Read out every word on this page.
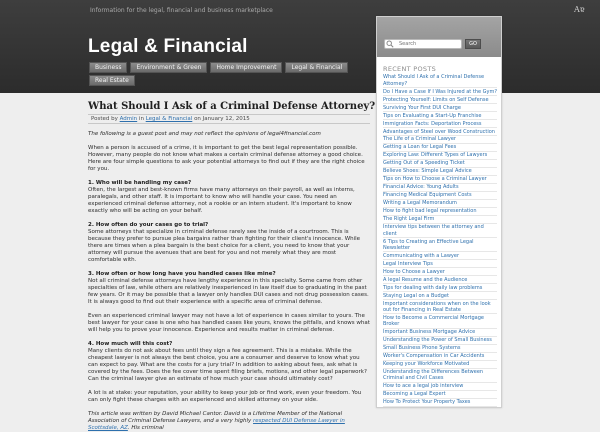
Information for the legal, financial and business marketplace	Aɐ
Legal & Financial
Business	Environment & Green	Home Improvement	Legal & Financial
Real Estate
Search
GO
RECENT POSTS
What Should I Ask of a Criminal Defense Attorney?
Do I Have a Case If I Was Injured at the Gym?
Protecting Yourself: Limits on Self Defense
Surviving Your First DUI Charge
Tips on Evaluating a Start-Up Franchise
Immigration Facts: Deportation Process
Advantages of Steel over Wood Construction
The Life of a Criminal Lawyer
Getting a Loan for Legal Fees
Exploring Law: Different Types of Lawyers
Getting Out of a Speeding Ticket
Believe Shoes: Simple Legal Advice
Tips on How to Choose a Criminal Lawyer
Financial Advice: Young Adults
Financing Medical Equipment Costs
Writing a Legal Memorandum
How to fight bad legal representation
The Right Legal Firm
Interview tips between the attorney and client
6 Tips to Creating an Effective Legal Newsletter
Communicating with a Lawyer
Legal Interview Tips
How to Choose a Lawyer
A legal Resume and the Audience
Tips for dealing with daily law problems
Staying Legal on a Budget
Important considerations when on the look out for Financing in Real Estate
How to Become a Commercial Mortgage Broker
Important Business Mortgage Advice
Understanding the Power of Small Business
Small Business Phone Systems
Worker's Compensation in Car Accidents
Keeping your Workforce Motivated
Understanding the Differences Between Criminal and Civil Cases
How to ace a legal job interview
Becoming a Legal Expert
How To Protect Your Property Taxes
What Should I Ask of a Criminal Defense Attorney?
Posted by Admin in Legal & Financial on January 12, 2015

The following is a guest post and may not reflect the opinions of legal4financial.com

When a person is accused of a crime, it is important to get the best legal representation possible. However, many people do not know what makes a certain criminal defense attorney a good choice. Here are four simple questions to ask your potential attorneys to find out if they are the right choice for you.

1. Who will be handling my case?
Often, the largest and best-known firms have many attorneys on their payroll, as well as interns, paralegals, and other staff. It is important to know who will handle your case. You need an experienced criminal defense attorney, not a rookie or an intern student. It's important to know exactly who will be acting on your behalf.

2. How often do your cases go to trial?
Some attorneys that specialize in criminal defense rarely see the inside of a courtroom. This is because they prefer to pursue plea bargains rather than fighting for their client's innocence. While there are times when a plea bargain is the best choice for a client, you need to know that your attorney will pursue the avenues that are best for you and not merely what they are most comfortable with.

3. How often or how long have you handled cases like mine?
Not all criminal defense attorneys have lengthy experience in this specialty. Some came from other specialties of law, while others are relatively inexperienced in law itself due to graduating in the past few years. Or it may be possible that a lawyer only handles DUI cases and not drug possession cases. It is always good to find out their experience with a specific area of criminal defense.

Even an experienced criminal lawyer may not have a lot of experience in cases similar to yours. The best lawyer for your case is one who has handled cases like yours, knows the pitfalls, and knows what will help you to prove your innocence. Experience and results matter in criminal defense.

4. How much will this cost?
Many clients do not ask about fees until they sign a fee agreement. This is a mistake. While the cheapest lawyer is not always the best choice, you are a consumer and deserve to know what you can expect to pay. What are the costs for a jury trial? In addition to asking about fees, ask what is covered by the fees. Does the fee cover time spent filing briefs, motions, and other legal paperwork? Can the criminal lawyer give an estimate of how much your case should ultimately cost?

A lot is at stake: your reputation, your ability to keep your job or find work, even your freedom. You can only fight these charges with an experienced and skilled attorney on your side.

This article was written by David Michael Cantor. David is a Lifetime Member of the National Association of Criminal Defense Lawyers, and a very highly respected DUI Defense Lawyer in Scottsdale, AZ. His criminal
